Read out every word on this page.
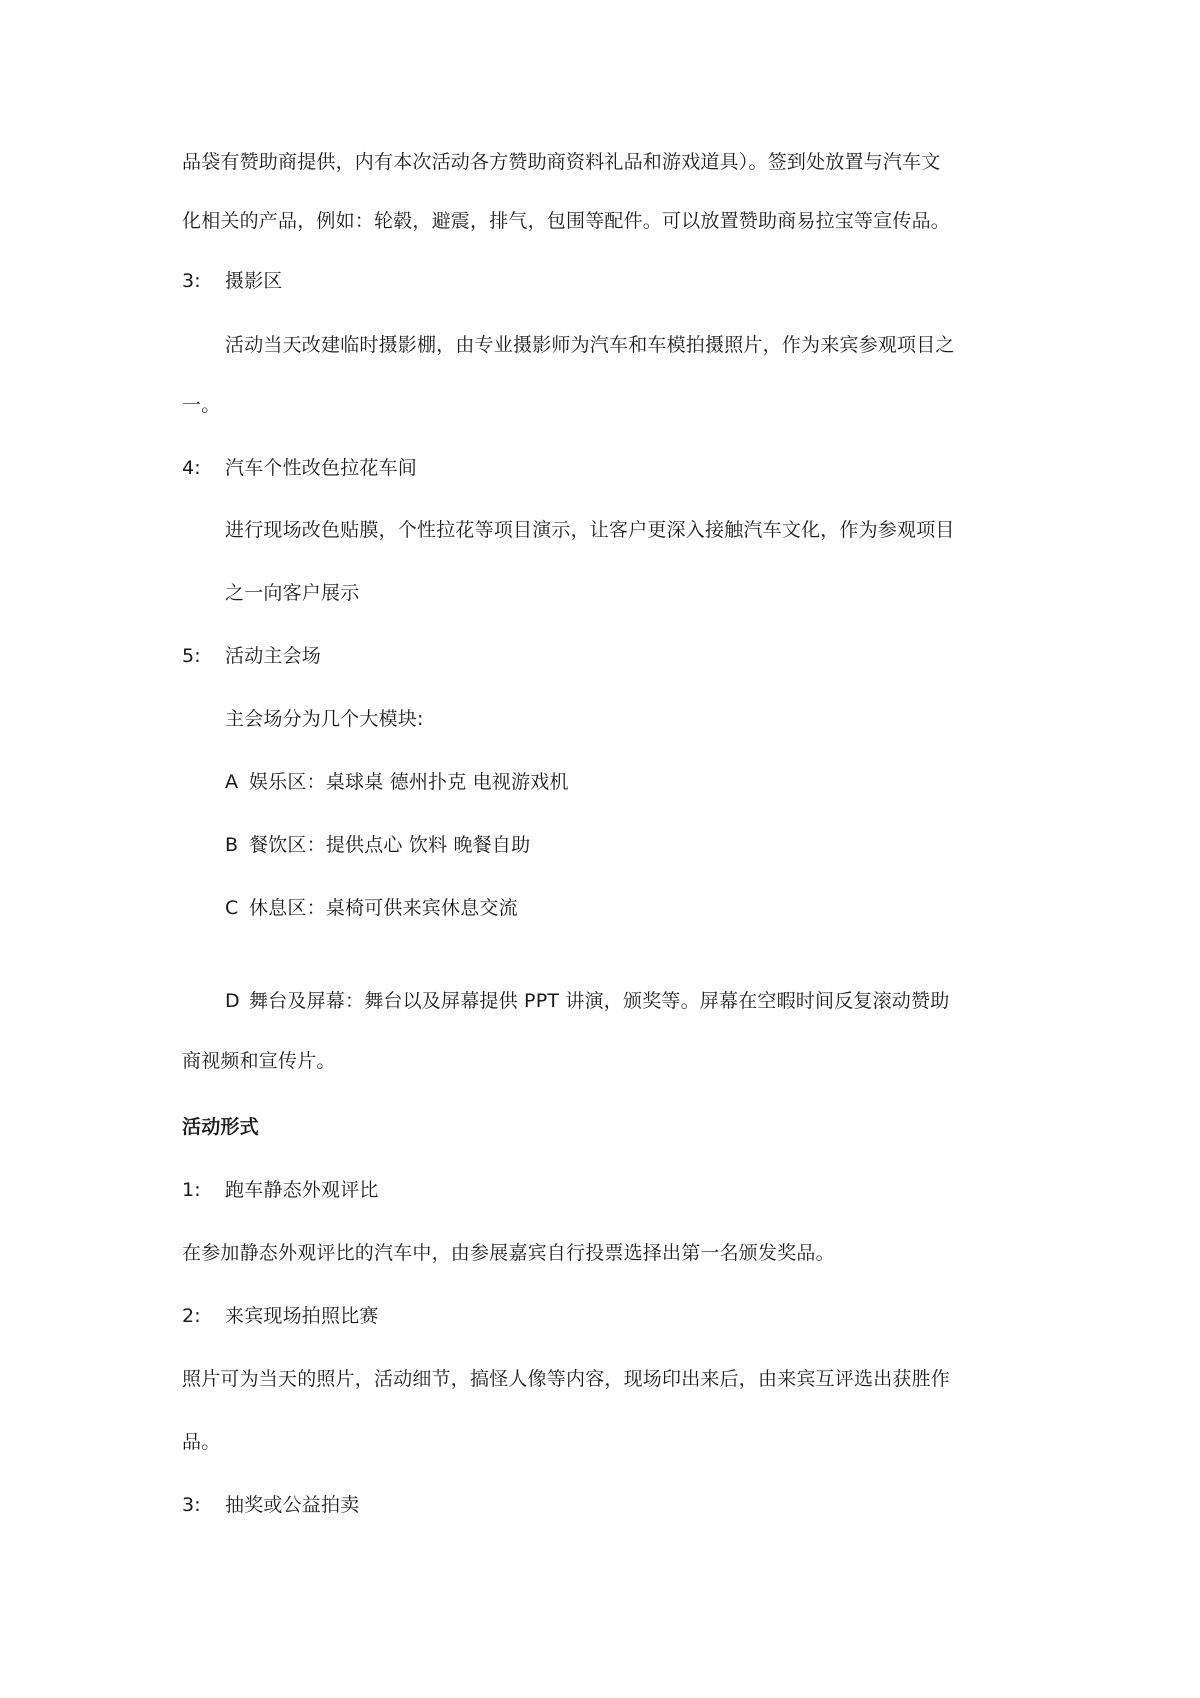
品袋有赞助商提供，内有本次活动各方赞助商资料礼品和游戏道具）。签到处放置与汽车文
化相关的产品，例如：轮毂，避震，排气，包围等配件。可以放置赞助商易拉宝等宣传品。
3: 摄影区
活动当天改建临时摄影棚，由专业摄影师为汽车和车模拍摄照片，作为来宾参观项目之
一。
4: 汽车个性改色拉花车间
进行现场改色贴膜，个性拉花等项目演示，让客户更深入接触汽车文化，作为参观项目
之一向客户展示
5: 活动主会场
主会场分为几个大模块:
A 娱乐区：桌球桌 德州扑克 电视游戏机
B 餐饮区：提供点心 饮料 晚餐自助
C 休息区：桌椅可供来宾休息交流
D 舞台及屏幕：舞台以及屏幕提供 PPT 讲演，颁奖等。屏幕在空暇时间反复滚动赞助
商视频和宣传片。
活动形式
1: 跑车静态外观评比
在参加静态外观评比的汽车中，由参展嘉宾自行投票选择出第一名颁发奖品。
2: 来宾现场拍照比赛
照片可为当天的照片，活动细节，搞怪人像等内容，现场印出来后，由来宾互评选出获胜作
品。
3: 抽奖或公益拍卖
